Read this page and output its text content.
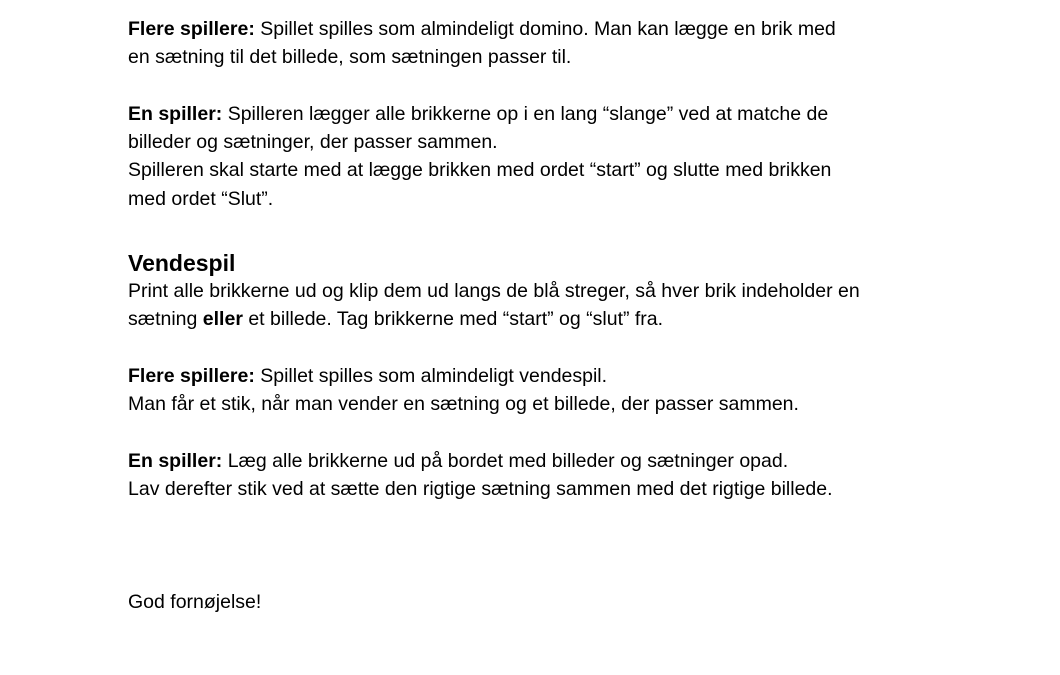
Flere spillere: Spillet spilles som almindeligt domino. Man kan lægge en brik med

en sætning til det billede, som sætningen passer til.

En spiller: Spilleren lægger alle brikkerne op i en lang “slange” ved at matche de

billeder og sætninger, der passer sammen.

Spilleren skal starte med at lægge brikken med ordet “start” og slutte med brikken

med ordet “Slut”.

Vendespil

Print alle brikkerne ud og klip dem ud langs de blå streger, så hver brik indeholder en

sætning eller et billede. Tag brikkerne med “start” og “slut” fra.

Flere spillere: Spillet spilles som almindeligt vendespil.

Man får et stik, når man vender en sætning og et billede, der passer sammen.

En spiller: Læg alle brikkerne ud på bordet med billeder og sætninger opad.

Lav derefter stik ved at sætte den rigtige sætning sammen med det rigtige billede.

God fornøjelse!
